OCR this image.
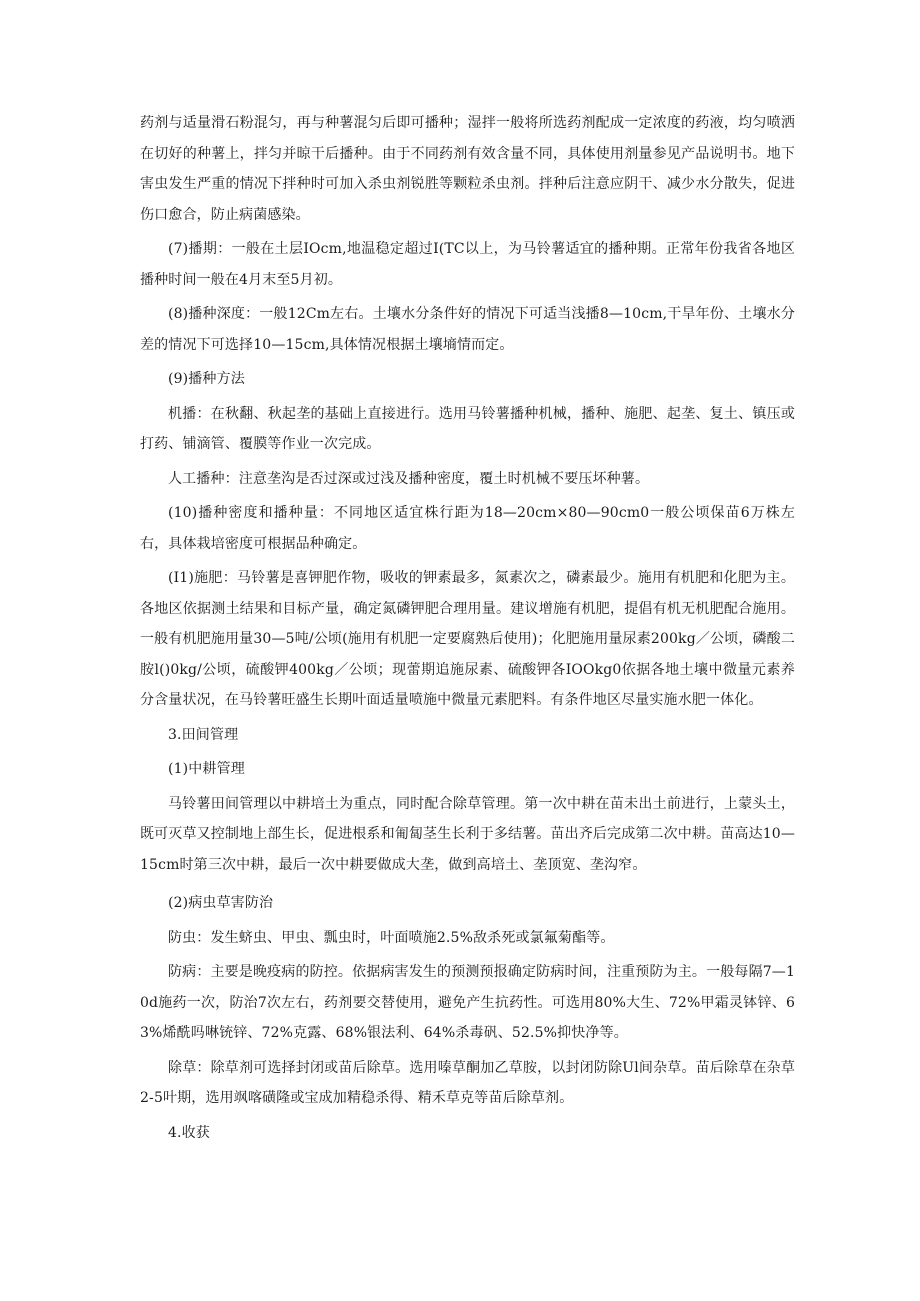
药剂与适量滑石粉混匀，再与种薯混匀后即可播种；湿拌一般将所选药剂配成一定浓度的药液，均匀喷洒在切好的种薯上，拌匀并晾干后播种。由于不同药剂有效含量不同，具体使用剂量参见产品说明书。地下害虫发生严重的情况下拌种时可加入杀虫剂锐胜等颗粒杀虫剂。拌种后注意应阴干、减少水分散失，促进伤口愈合，防止病菌感染。

(7)播期：一般在土层IOcm,地温稳定超过I(TC以上，为马铃薯适宜的播种期。正常年份我省各地区播种时间一般在4月末至5月初。

(8)播种深度：一般12Cm左右。土壤水分条件好的情况下可适当浅播8—10cm,干旱年份、土壤水分差的情况下可选择10—15cm,具体情况根据土壤墒情而定。

(9)播种方法

机播：在秋翻、秋起垄的基础上直接进行。选用马铃薯播种机械，播种、施肥、起垄、复土、镇压或打药、铺滴管、覆膜等作业一次完成。

人工播种：注意垄沟是否过深或过浅及播种密度，覆土时机械不要压坏种薯。

(10)播种密度和播种量：不同地区适宜株行距为18—20cm×80—90cm0一般公顷保苗6万株左右，具体栽培密度可根据品种确定。

(I1)施肥：马铃薯是喜钾肥作物，吸收的钾素最多，氮素次之，磷素最少。施用有机肥和化肥为主。各地区依据测土结果和目标产量，确定氮磷钾肥合理用量。建议增施有机肥，提倡有机无机肥配合施用。一般有机肥施用量30—5吨/公顷(施用有机肥一定要腐熟后使用)；化肥施用量尿素200kg／公顷，磷酸二胺l()0kg/公顷，硫酸钾400kg／公顷；现蕾期追施尿素、硫酸钾各IOOkg0依据各地土壤中微量元素养分含量状况，在马铃薯旺盛生长期叶面适量喷施中微量元素肥料。有条件地区尽量实施水肥一体化。

3.田间管理

(1)中耕管理

马铃薯田间管理以中耕培土为重点，同时配合除草管理。第一次中耕在苗未出土前进行，上蒙头土，既可灭草又控制地上部生长，促进根系和匍匐茎生长利于多结薯。苗出齐后完成第二次中耕。苗高达10—15cm时第三次中耕，最后一次中耕要做成大垄，做到高培土、垄顶宽、垄沟窄。

(2)病虫草害防治

防虫：发生蛴虫、甲虫、瓢虫时，叶面喷施2.5%敌杀死或氯氟菊酯等。

防病：主要是晚疫病的防控。依据病害发生的预测预报确定防病时间，注重预防为主。一般每隔7—10d施药一次，防治7次左右，药剂要交替使用，避免产生抗药性。可选用80%大生、72%甲霜灵钵锌、63%烯酰吗啉铳锌、72%克露、68%银法利、64%杀毒矾、52.5%抑快净等。

除草：除草剂可选择封闭或苗后除草。选用嗪草酮加乙草胺，以封闭防除Ul间杂草。苗后除草在杂草2-5叶期，选用飒喀磺隆或宝成加精稳杀得、精禾草克等苗后除草剂。

4.收获
